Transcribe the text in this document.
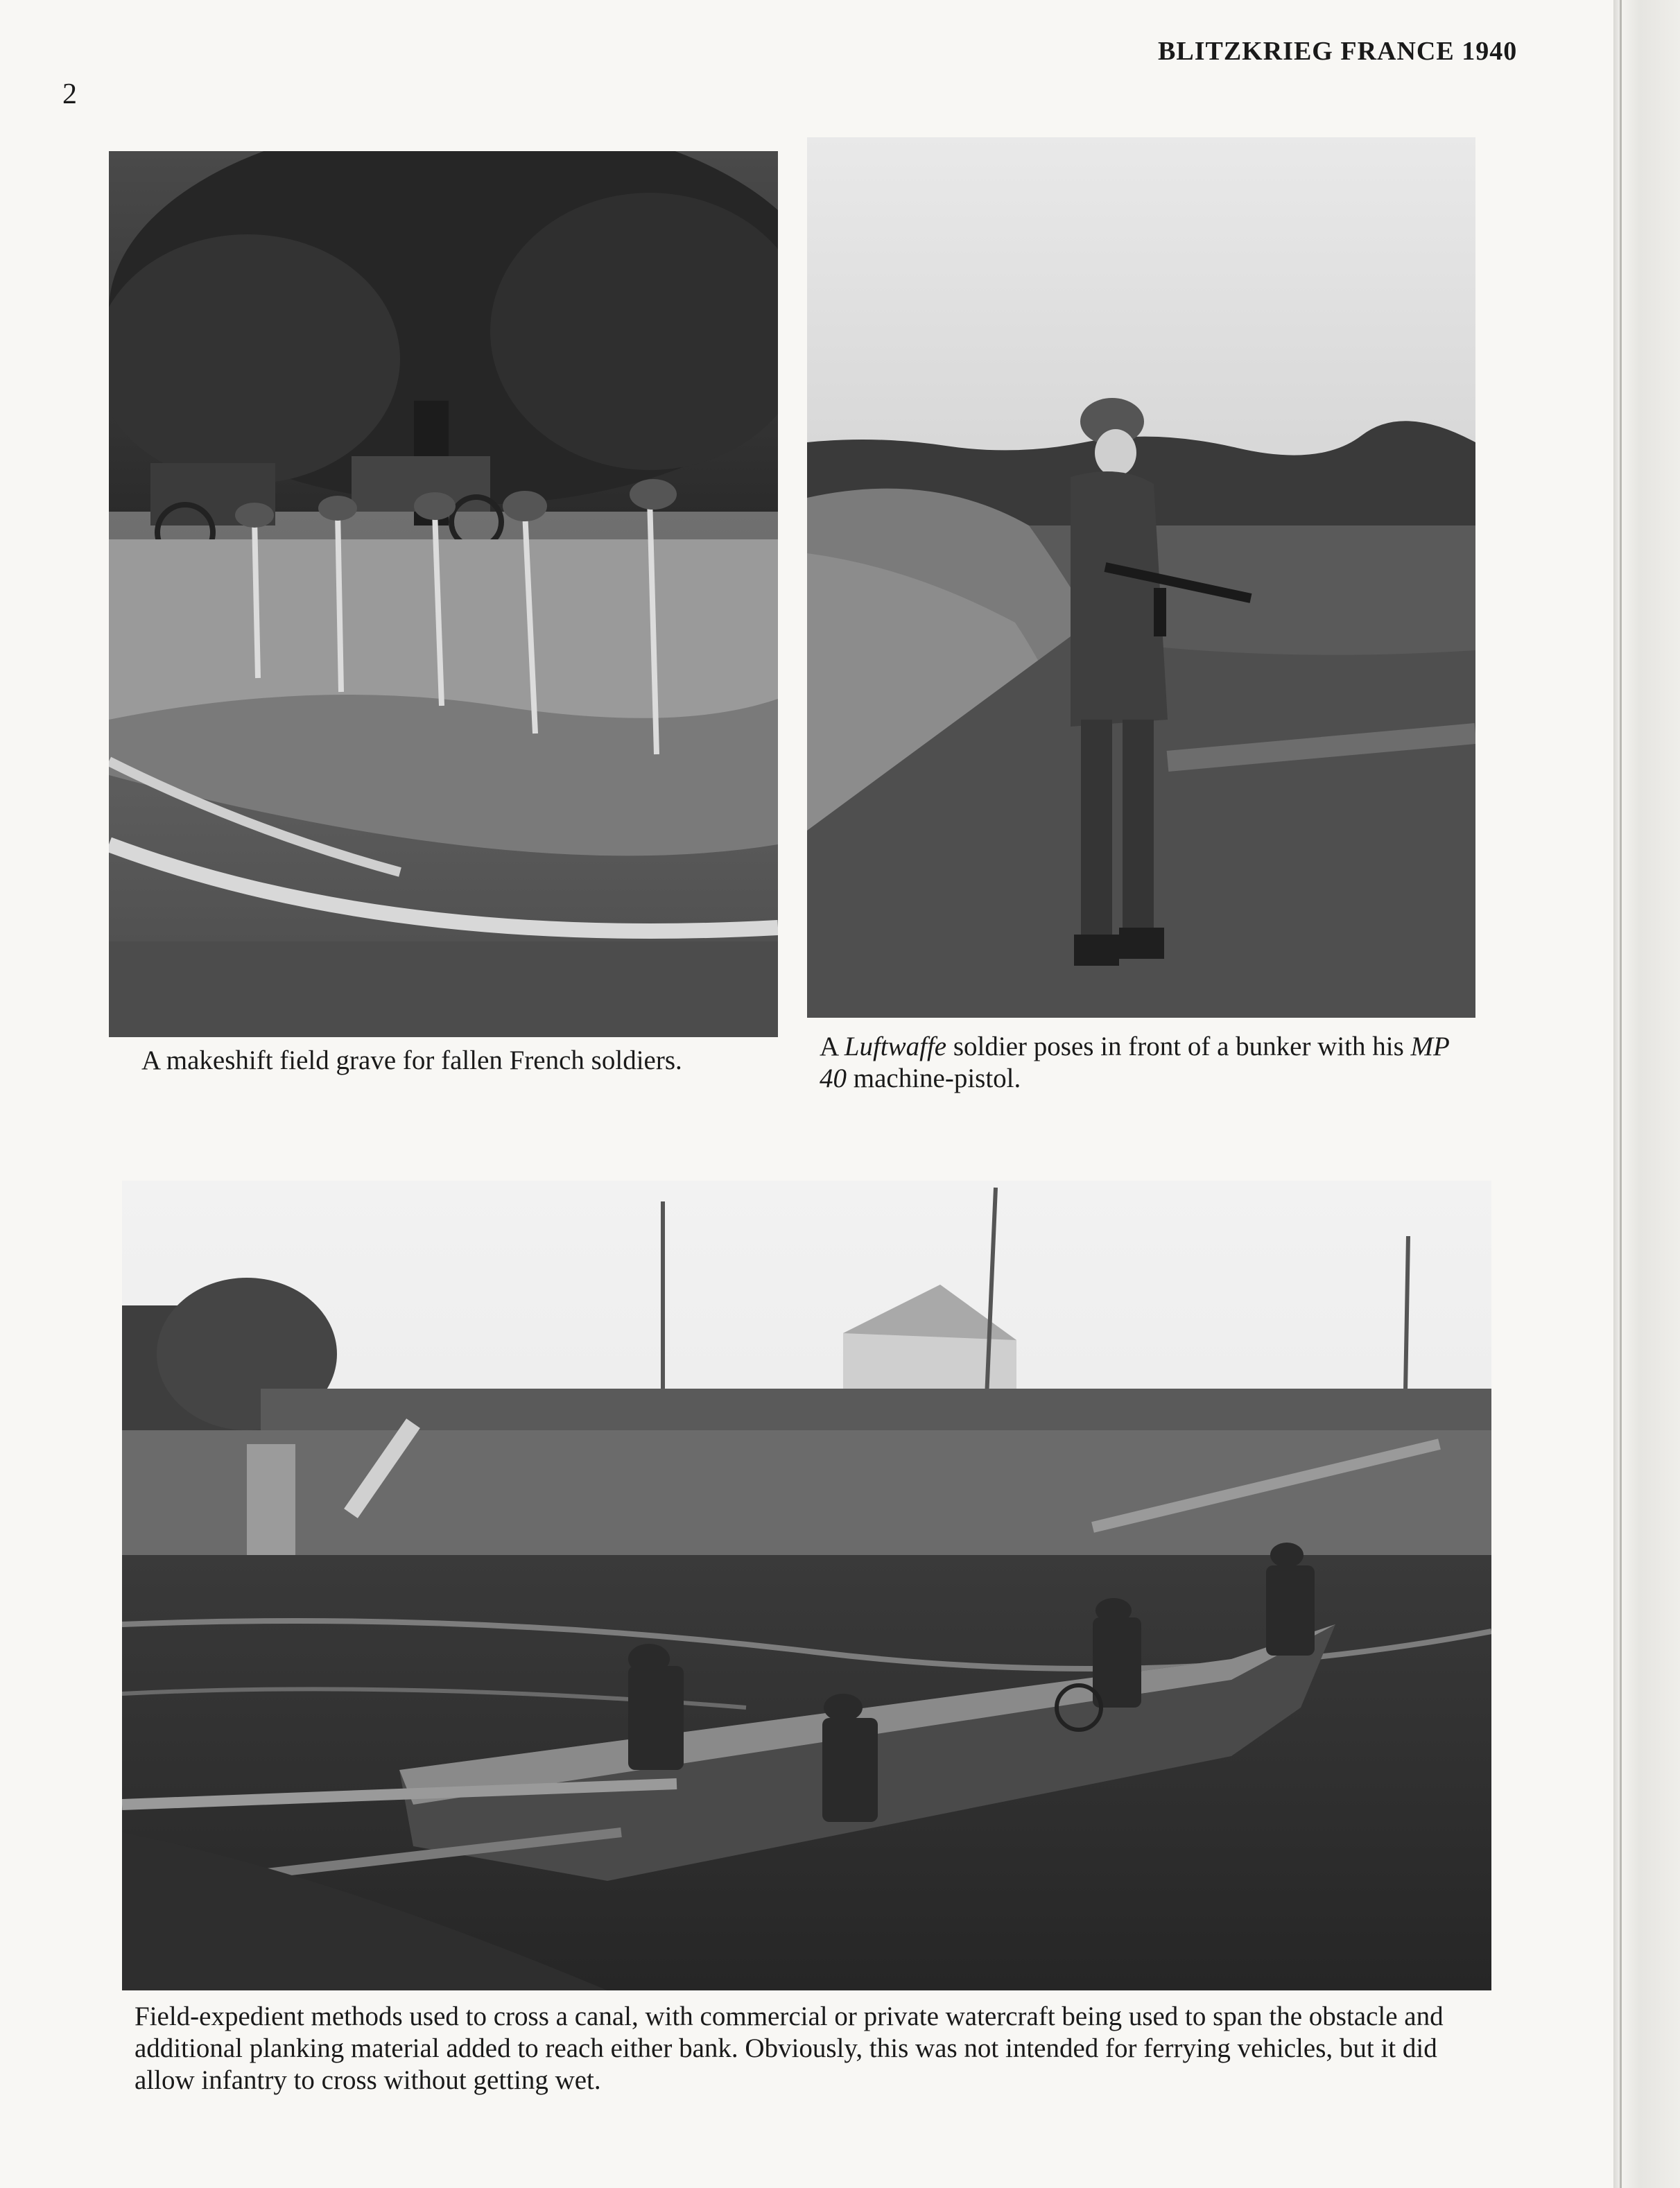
BLITZKRIEG FRANCE 1940
2
A makeshift field grave for fallen French soldiers.	A Luftwaffe soldier poses in front of a bunker with his MP 40 machine-pistol.
Field-expedient methods used to cross a canal, with commercial or private watercraft being used to span the obstacle and additional planking material added to reach either bank. Obviously, this was not intended for ferrying vehicles, but it did allow infantry to cross without getting wet.
